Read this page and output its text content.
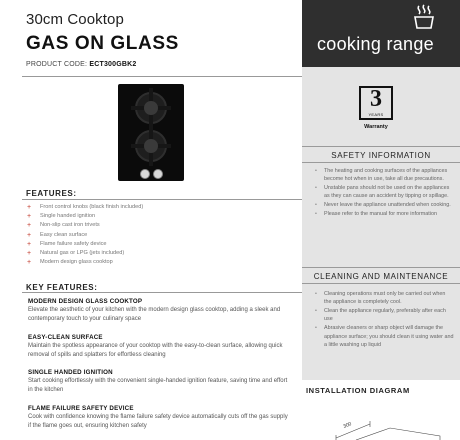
30cm Cooktop
GAS ON GLASS
PRODUCT CODE: ECT300GBK2
FEATURES:
+ Front control knobs (black finish included)
+ Single handed ignition
+ Non-slip cast iron trivets
+ Easy clean surface
+ Flame failure safety device
+ Natural gas or LPG (jets included)
+ Modern design glass cooktop
KEY FEATURES:
MODERN DESIGN GLASS COOKTOP
Elevate the aesthetic of your kitchen with the modern design glass cooktop, adding a sleek and contemporary touch to your culinary space
EASY-CLEAN SURFACE
Maintain the spotless appearance of your cooktop with the easy-to-clean surface, allowing quick removal of spills and splatters for effortless cleaning
SINGLE HANDED IGNITION
Start cooking effortlessly with the convenient single-handed ignition feature, saving time and effort in the kitchen
FLAME FAILURE SAFETY DEVICE
Cook with confidence knowing the flame failure safety device automatically cuts off the gas supply if the flame goes out, ensuring kitchen safety
cooking range
3
YEARS
Warranty
SAFETY INFORMATION
• The heating and cooking surfaces of the appliances become hot when in use, take all due precautions.
• Unstable pans should not be used on the appliances as they can cause an accident by tipping or spillage.
• Never leave the appliance unattended when cooking.
• Please refer to the manual for more information
CLEANING AND MAINTENANCE
• Cleaning operations must only be carried out when the appliance is completely cool.
• Clean the appliance regularly, preferably after each use
• Abrasive cleaners or sharp object will damage the appliance surface; you should clean it using water and a little washing up liquid
INSTALLATION DIAGRAM
300
